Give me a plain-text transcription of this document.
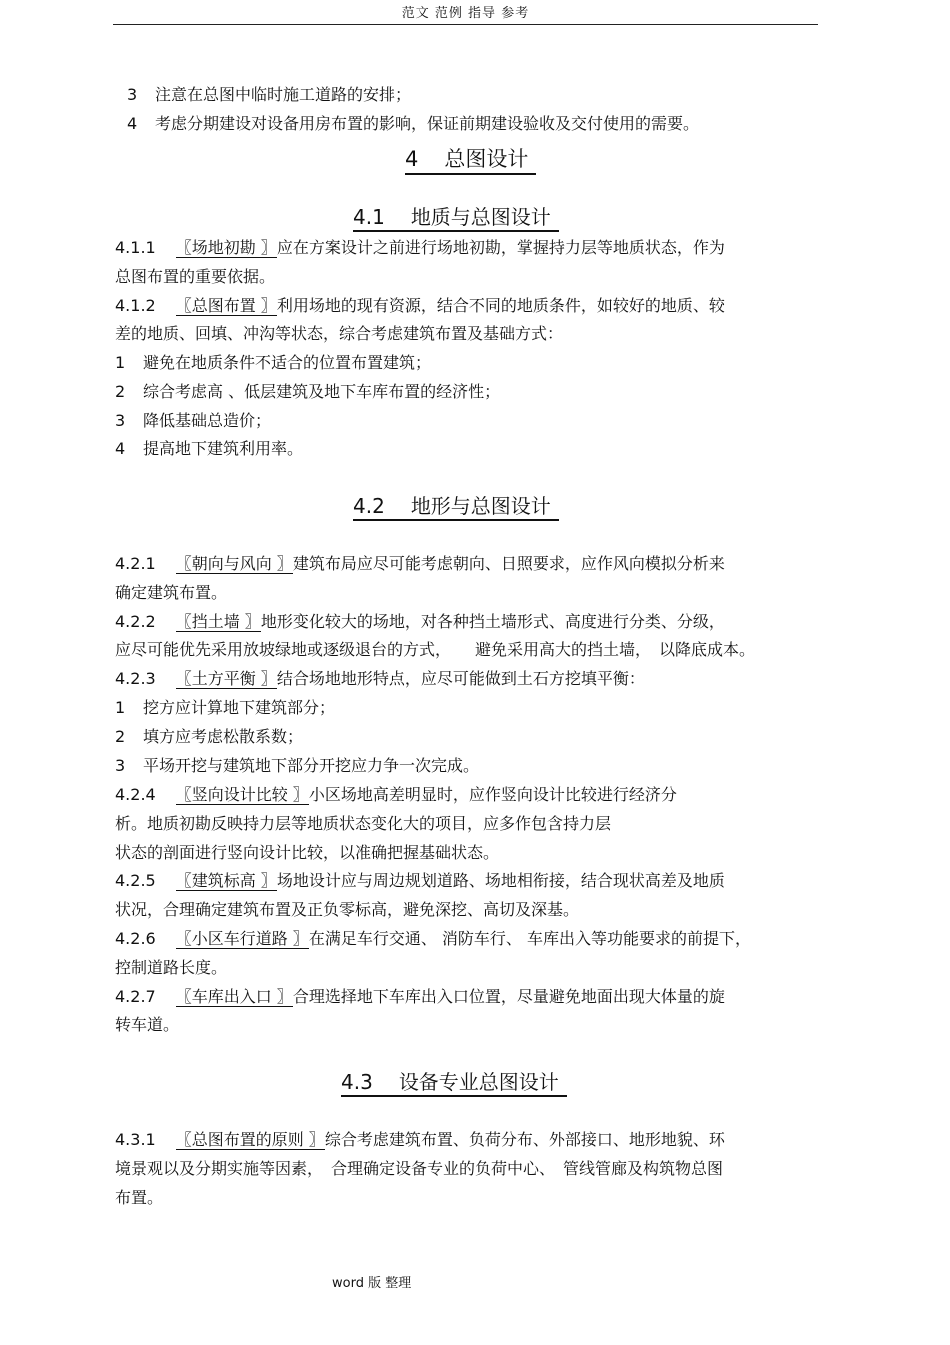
范文 范例 指导 参考
3 注意在总图中临时施工道路的安排；
4 考虑分期建设对设备用房布置的影响，保证前期建设验收及交付使用的需要。
4 总图设计
4.1 地质与总图设计
4.1.1 〖场地初勘 〗应在方案设计之前进行场地初勘，掌握持力层等地质状态，作为
总图布置的重要依据。
4.1.2 〖总图布置 〗利用场地的现有资源，结合不同的地质条件，如较好的地质、较
差的地质、回填、冲沟等状态，综合考虑建筑布置及基础方式：
1 避免在地质条件不适合的位置布置建筑；
2 综合考虑高 、低层建筑及地下车库布置的经济性；
3 降低基础总造价；
4 提高地下建筑利用率。
4.2 地形与总图设计
4.2.1 〖朝向与风向 〗建筑布局应尽可能考虑朝向、日照要求，应作风向模拟分析来
确定建筑布置。
4.2.2 〖挡土墙 〗地形变化较大的场地，对各种挡土墙形式、高度进行分类、分级，
应尽可能优先采用放坡绿地或逐级退台的方式，　　避免采用高大的挡土墙，　以降底成本。
4.2.3 〖土方平衡 〗结合场地地形特点，应尽可能做到土石方挖填平衡：
1 挖方应计算地下建筑部分；
2 填方应考虑松散系数；
3 平场开挖与建筑地下部分开挖应力争一次完成。
4.2.4 〖竖向设计比较 〗小区场地高差明显时，应作竖向设计比较进行经济分
析。地质初勘反映持力层等地质状态变化大的项目，应多作包含持力层
状态的剖面进行竖向设计比较，以准确把握基础状态。
4.2.5 〖建筑标高 〗场地设计应与周边规划道路、场地相衔接，结合现状高差及地质
状况，合理确定建筑布置及正负零标高，避免深挖、高切及深基。
4.2.6 〖小区车行道路 〗在满足车行交通、 消防车行、 车库出入等功能要求的前提下，
控制道路长度。
4.2.7 〖车库出入口 〗合理选择地下车库出入口位置，尽量避免地面出现大体量的旋
转车道。
4.3 设备专业总图设计
4.3.1 〖总图布置的原则 〗综合考虑建筑布置、负荷分布、外部接口、地形地貌、环
境景观以及分期实施等因素，　合理确定设备专业的负荷中心、　管线管廊及构筑物总图
布置。
word 版 整理
